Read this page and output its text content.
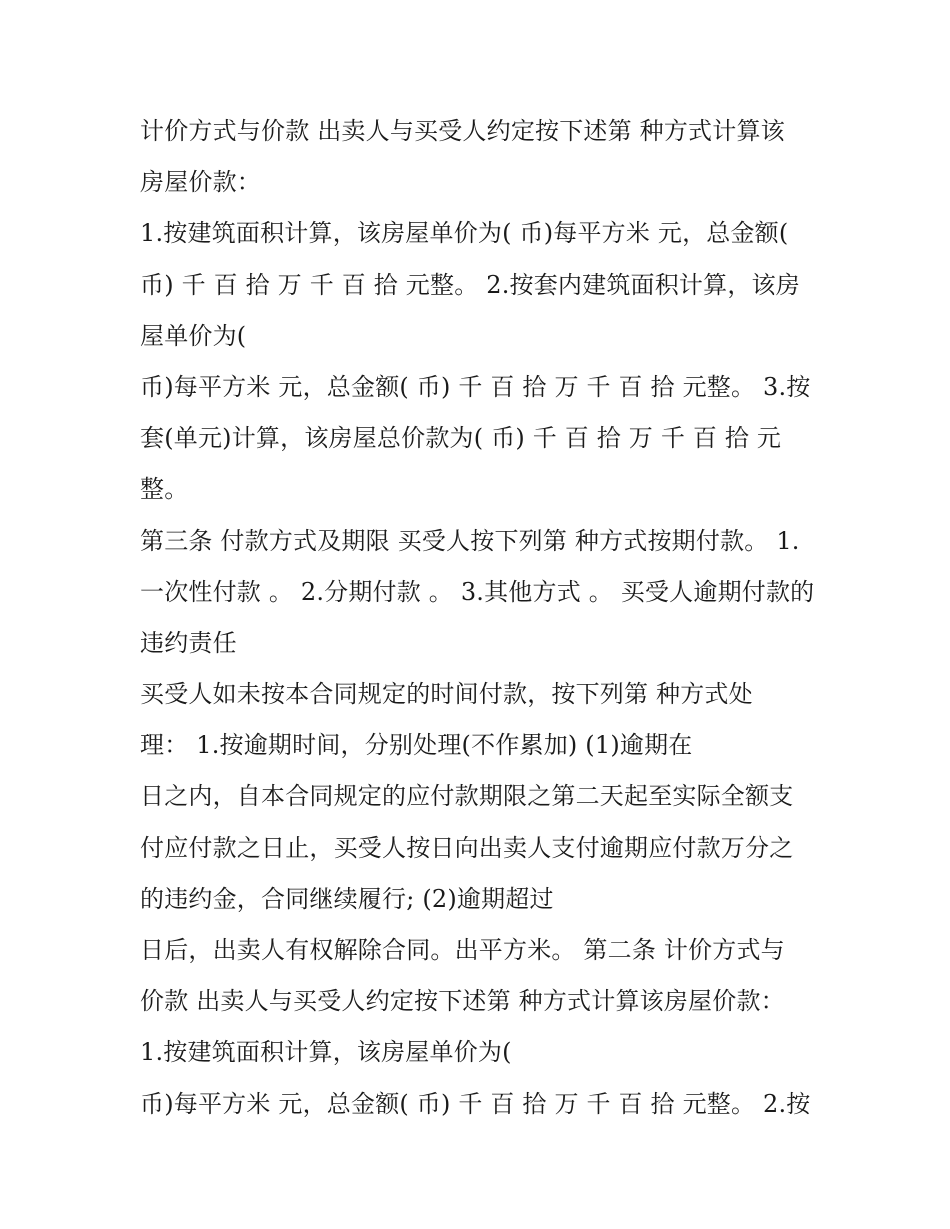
计价方式与价款 出卖人与买受人约定按下述第 种方式计算该
房屋价款：
1.按建筑面积计算，该房屋单价为( 币)每平方米 元，总金额(
币) 千 百 拾 万 千 百 拾 元整。 2.按套内建筑面积计算，该房
屋单价为(
币)每平方米 元，总金额( 币) 千 百 拾 万 千 百 拾 元整。 3.按
套(单元)计算，该房屋总价款为( 币) 千 百 拾 万 千 百 拾 元
整。
第三条 付款方式及期限 买受人按下列第 种方式按期付款。 1.
一次性付款 。 2.分期付款 。 3.其他方式 。 买受人逾期付款的
违约责任
买受人如未按本合同规定的时间付款，按下列第 种方式处
理： 1.按逾期时间，分别处理(不作累加) (1)逾期在
日之内，自本合同规定的应付款期限之第二天起至实际全额支
付应付款之日止，买受人按日向出卖人支付逾期应付款万分之
的违约金，合同继续履行; (2)逾期超过
日后，出卖人有权解除合同。出平方米。 第二条 计价方式与
价款 出卖人与买受人约定按下述第 种方式计算该房屋价款：
1.按建筑面积计算，该房屋单价为(
币)每平方米 元，总金额( 币) 千 百 拾 万 千 百 拾 元整。 2.按
